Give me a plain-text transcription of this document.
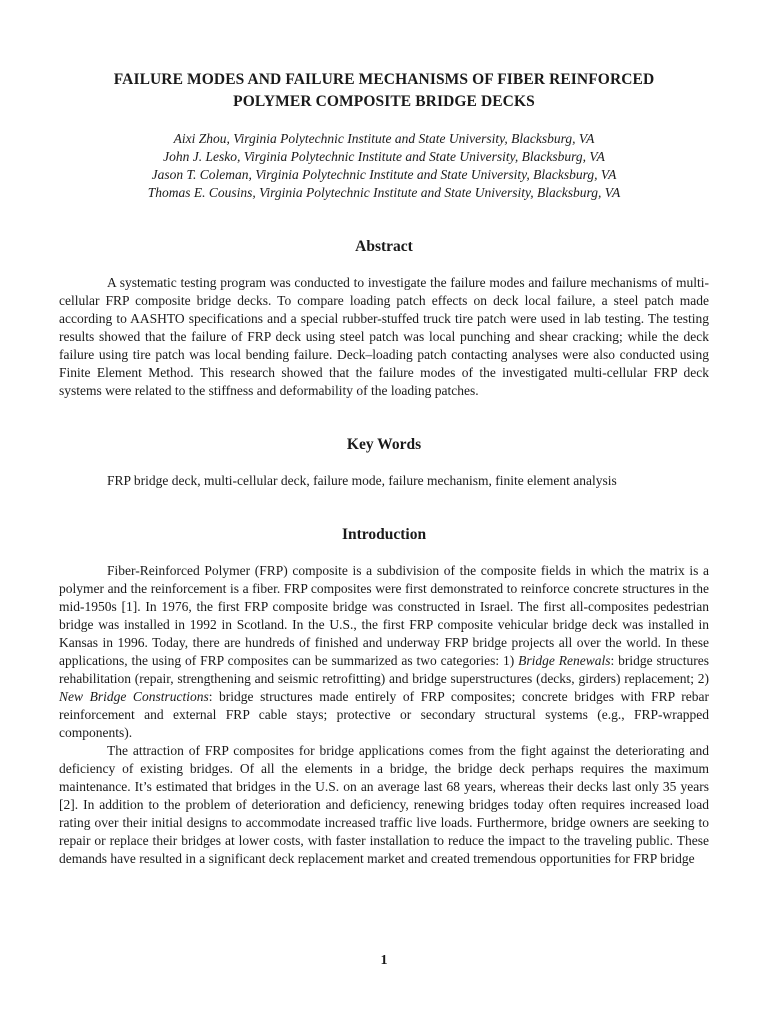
FAILURE MODES AND FAILURE MECHANISMS OF FIBER REINFORCED
POLYMER COMPOSITE BRIDGE DECKS
Aixi Zhou, Virginia Polytechnic Institute and State University, Blacksburg, VA
John J. Lesko, Virginia Polytechnic Institute and State University, Blacksburg, VA
Jason T. Coleman, Virginia Polytechnic Institute and State University, Blacksburg, VA
Thomas E. Cousins, Virginia Polytechnic Institute and State University, Blacksburg, VA
Abstract

A systematic testing program was conducted to investigate the failure modes and failure mechanisms of multi-cellular FRP composite bridge decks. To compare loading patch effects on deck local failure, a steel patch made according to AASHTO specifications and a special rubber-stuffed truck tire patch were used in lab testing. The testing results showed that the failure of FRP deck using steel patch was local punching and shear cracking; while the deck failure using tire patch was local bending failure. Deck–loading patch contacting analyses were also conducted using Finite Element Method. This research showed that the failure modes of the investigated multi-cellular FRP deck systems were related to the stiffness and deformability of the loading patches.

Key Words
FRP bridge deck, multi-cellular deck, failure mode, failure mechanism, finite element analysis
Introduction

Fiber-Reinforced Polymer (FRP) composite is a subdivision of the composite fields in which the matrix is a polymer and the reinforcement is a fiber. FRP composites were first demonstrated to reinforce concrete structures in the mid-1950s [1]. In 1976, the first FRP composite bridge was constructed in Israel. The first all-composites pedestrian bridge was installed in 1992 in Scotland. In the U.S., the first FRP composite vehicular bridge deck was installed in Kansas in 1996. Today, there are hundreds of finished and underway FRP bridge projects all over the world. In these applications, the using of FRP composites can be summarized as two categories: 1) Bridge Renewals: bridge structures rehabilitation (repair, strengthening and seismic retrofitting) and bridge superstructures (decks, girders) replacement; 2) New Bridge Constructions: bridge structures made entirely of FRP composites; concrete bridges with FRP rebar reinforcement and external FRP cable stays; protective or secondary structural systems (e.g., FRP-wrapped components).

The attraction of FRP composites for bridge applications comes from the fight against the deteriorating and deficiency of existing bridges. Of all the elements in a bridge, the bridge deck perhaps requires the maximum maintenance. It’s estimated that bridges in the U.S. on an average last 68 years, whereas their decks last only 35 years [2]. In addition to the problem of deterioration and deficiency, renewing bridges today often requires increased load rating over their initial designs to accommodate increased traffic live loads. Furthermore, bridge owners are seeking to repair or replace their bridges at lower costs, with faster installation to reduce the impact to the traveling public. These demands have resulted in a significant deck replacement market and created tremendous opportunities for FRP bridge

1
